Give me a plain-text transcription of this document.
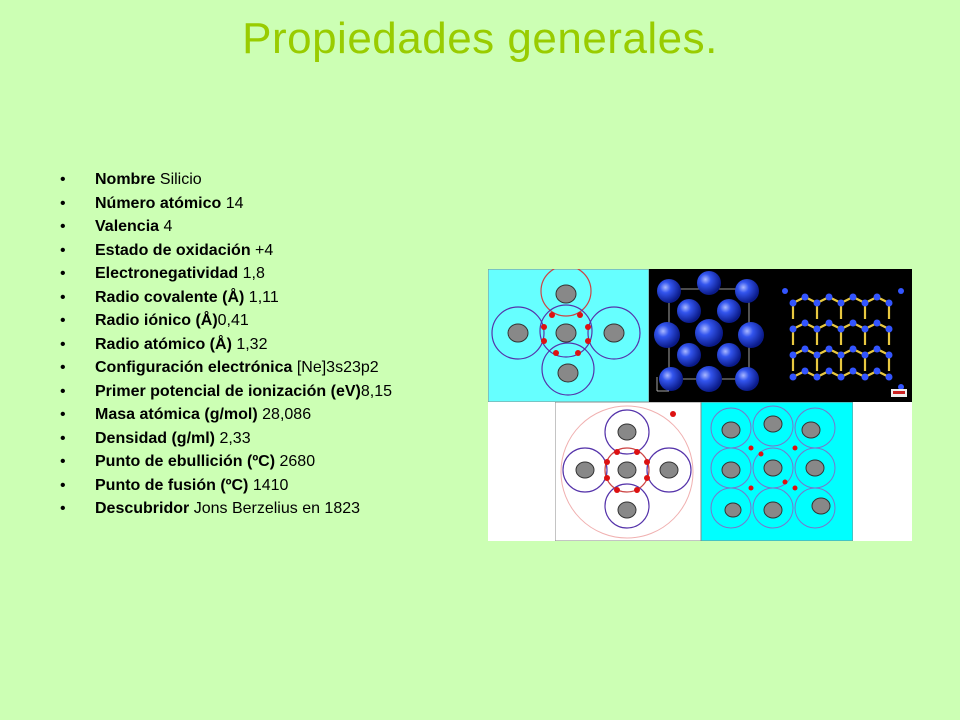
Propiedades generales.
• Nombre Silicio
• Número atómico 14
• Valencia 4
• Estado de oxidación +4
• Electronegatividad 1,8
• Radio covalente (Å) 1,11
• Radio iónico (Å)0,41
• Radio atómico (Å) 1,32
• Configuración electrónica [Ne]3s23p2
• Primer potencial de ionización (eV)8,15
• Masa atómica (g/mol) 28,086
• Densidad (g/ml) 2,33
• Punto de ebullición (ºC) 2680
• Punto de fusión (ºC) 1410
• Descubridor Jons Berzelius en 1823
